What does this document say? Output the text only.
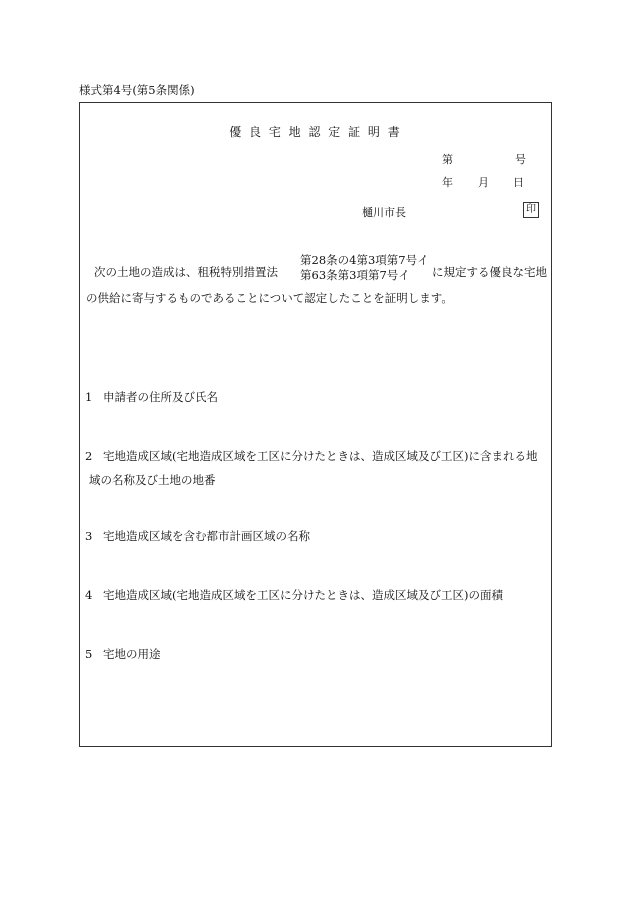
様式第4号(第5条関係)
優 良 宅 地 認 定 証 明 書
第	号
年 月 日
樋川市長	印
次の土地の造成は、租税特別措置法
第28条の4第3項第7号イ
第63条第3項第7号イ	に規定する優良な宅地
の供給に寄与するものであることについて認定したことを証明します。
1 申請者の住所及び氏名
2 宅地造成区域(宅地造成区域を工区に分けたときは、造成区域及び工区)に含まれる地
域の名称及び土地の地番
3 宅地造成区域を含む都市計画区域の名称
4 宅地造成区域(宅地造成区域を工区に分けたときは、造成区域及び工区)の面積
5 宅地の用途
